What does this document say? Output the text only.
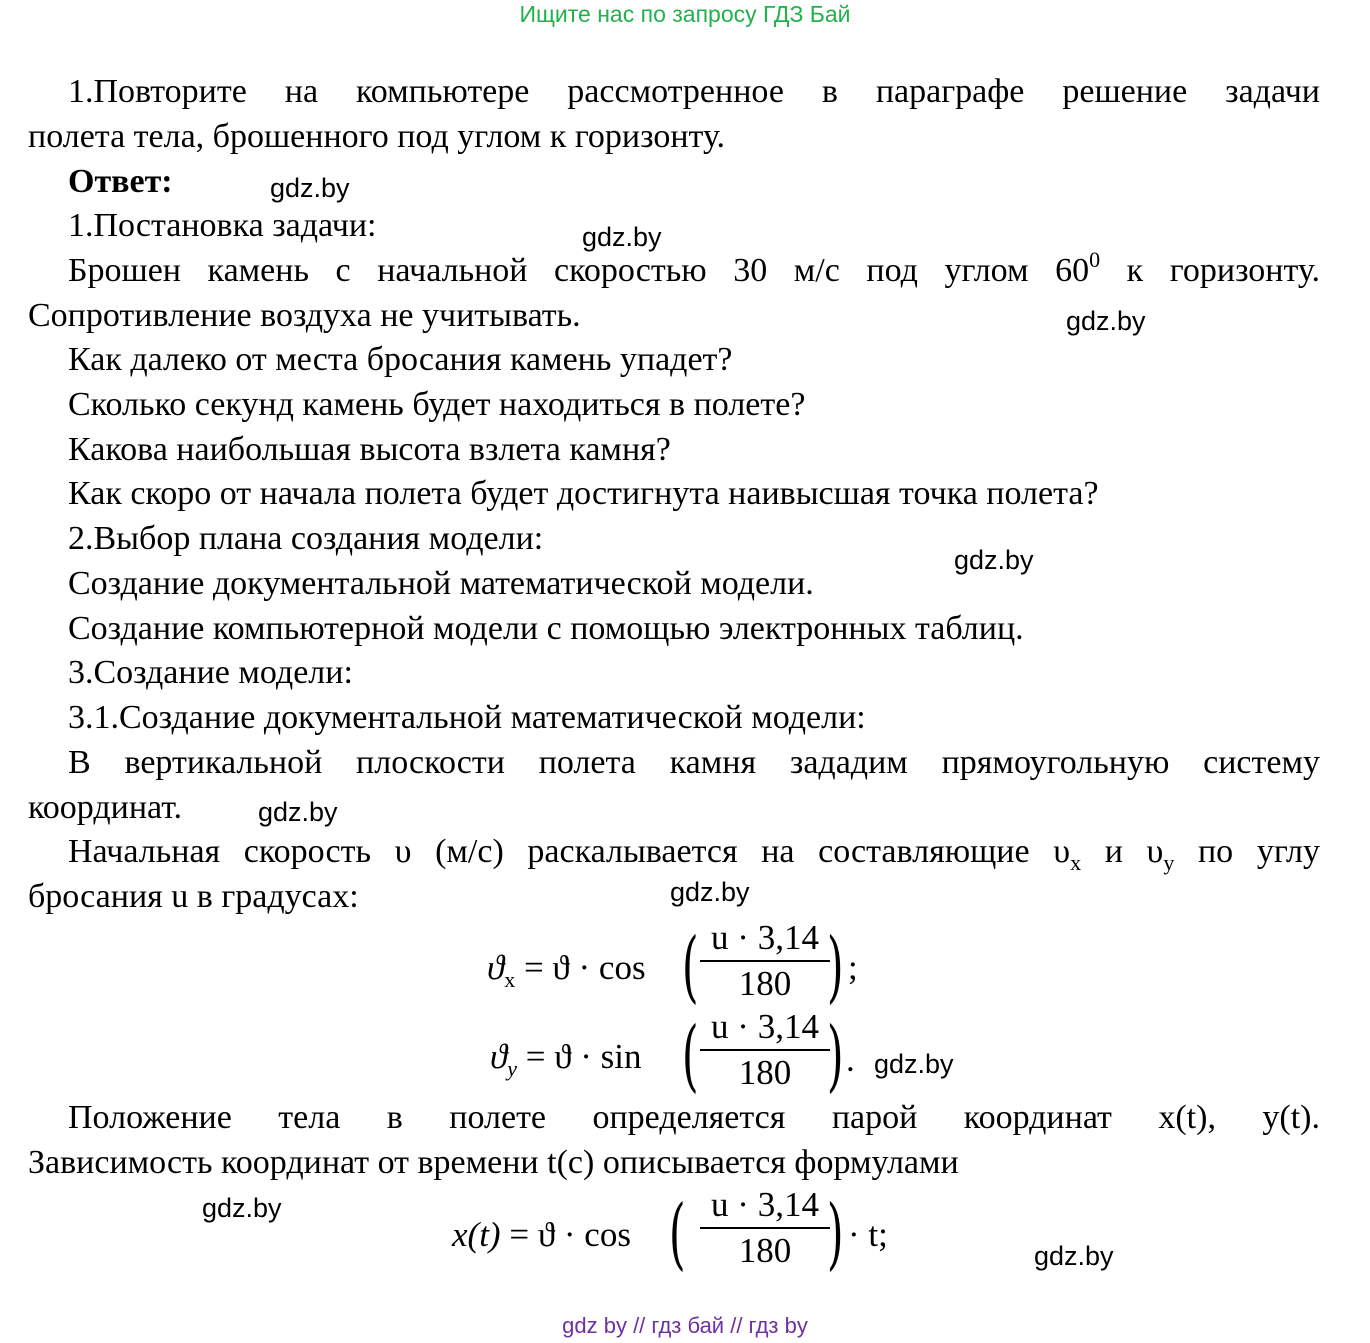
Ищите нас по запросу ГДЗ Бай
1.Повторите на компьютере рассмотренное в параграфе решение задачи
полета тела, брошенного под углом к горизонту.
Ответ:
1.Постановка задачи:
Брошен камень с начальной скоростью 30 м/с под углом $60^0$ к горизонту.
Сопротивление воздуха не учитывать.
Как далеко от места бросания камень упадет?
Сколько секунд камень будет находиться в полете?
Какова наибольшая высота взлета камня?
Как скоро от начала полета будет достигнута наивысшая точка полета?
2.Выбор плана создания модели:
Создание документальной математической модели.
Создание компьютерной модели с помощью электронных таблиц.
3.Создание модели:
3.1.Создание документальной математической модели:
В вертикальной плоскости полета камня зададим прямоугольную систему
координат.
Начальная скорость υ (м/с) раскалывается на составляющие $\upsilon_x$ и $\upsilon_y$ по углу
бросания u в градусах:
$ϑ_x = ϑ \cdot \cos$ ( u · 3,14
180 ) ;
$ϑ_y = ϑ \cdot \sin$ ( u · 3,14
180 ) .
Положение тела в полете определяется парой координат x(t), y(t).
Зависимость координат от времени t(c) описывается формулами
x(t) = ϑ · cos ( u · 3,14
180 ) · t;
gdz.by
gdz.by
gdz.by
gdz.by
gdz.by
gdz.by
gdz.by
gdz.by
gdz.by
gdz by // гдз бай // гдз by
